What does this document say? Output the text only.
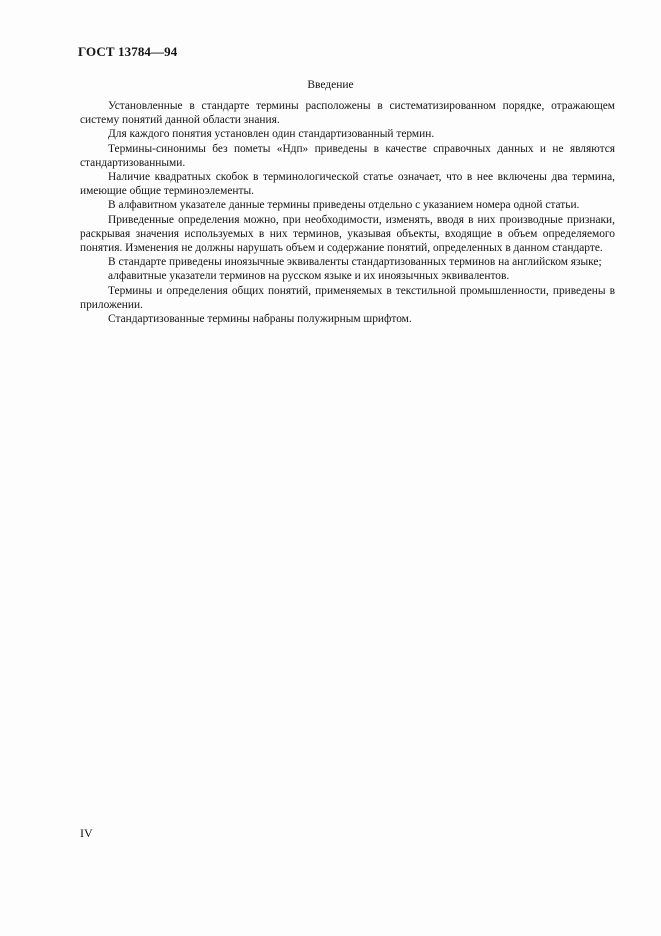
ГОСТ 13784—94
Введение

Установленные в стандарте термины расположены в систематизированном порядке, отражающем систему понятий данной области знания.

Для каждого понятия установлен один стандартизованный термин.

Термины-синонимы без пометы «Ндп» приведены в качестве справочных данных и не являются стандартизованными.

Наличие квадратных скобок в терминологической статье означает, что в нее включены два термина, имеющие общие терминоэлементы.

В алфавитном указателе данные термины приведены отдельно с указанием номера одной статьи.

Приведенные определения можно, при необходимости, изменять, вводя в них производные признаки, раскрывая значения используемых в них терминов, указывая объекты, входящие в объем определяемого понятия. Изменения не должны нарушать объем и содержание понятий, определенных в данном стандарте.

В стандарте приведены иноязычные эквиваленты стандартизованных терминов на английском языке;

алфавитные указатели терминов на русском языке и их иноязычных эквивалентов.

Термины и определения общих понятий, применяемых в текстильной промышленности, приведены в приложении.

Стандартизованные термины набраны полужирным шрифтом.

IV
